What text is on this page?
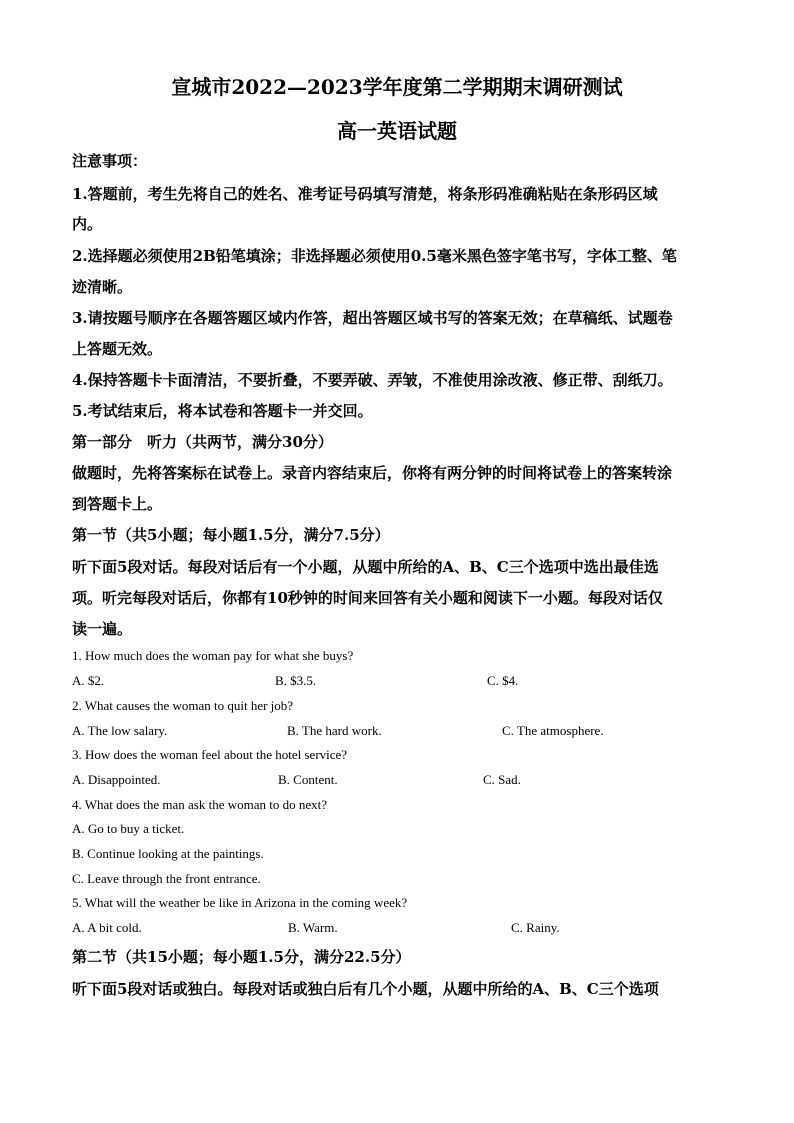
宣城市2022—2023学年度第二学期期末调研测试
高一英语试题
注意事项：
1.答题前，考生先将自己的姓名、准考证号码填写清楚，将条形码准确粘贴在条形码区域
内。
2.选择题必须使用2B铅笔填涂；非选择题必须使用0.5毫米黑色签字笔书写，字体工整、笔
迹清晰。
3.请按题号顺序在各题答题区域内作答，超出答题区域书写的答案无效；在草稿纸、试题卷
上答题无效。
4.保持答题卡卡面清洁，不要折叠，不要弄破、弄皱，不准使用涂改液、修正带、刮纸刀。
5.考试结束后，将本试卷和答题卡一并交回。
第一部分　听力（共两节，满分30分）
做题时，先将答案标在试卷上。录音内容结束后，你将有两分钟的时间将试卷上的答案转涂
到答题卡上。
第一节（共5小题；每小题1.5分，满分7.5分）
听下面5段对话。每段对话后有一个小题，从题中所给的A、B、C三个选项中选出最佳选
项。听完每段对话后，你都有10秒钟的时间来回答有关小题和阅读下一小题。每段对话仅
读一遍。
1. How much does the woman pay for what she buys?
A. $2.	B. $3.5.	C. $4.
2. What causes the woman to quit her job?
A. The low salary.	B. The hard work.	C. The atmosphere.
3. How does the woman feel about the hotel service?
A. Disappointed.	B. Content.	C. Sad.
4. What does the man ask the woman to do next?
A. Go to buy a ticket.
B. Continue looking at the paintings.
C. Leave through the front entrance.
5. What will the weather be like in Arizona in the coming week?
A. A bit cold.	B. Warm.	C. Rainy.
第二节（共15小题；每小题1.5分，满分22.5分）
听下面5段对话或独白。每段对话或独白后有几个小题，从题中所给的A、B、C三个选项
